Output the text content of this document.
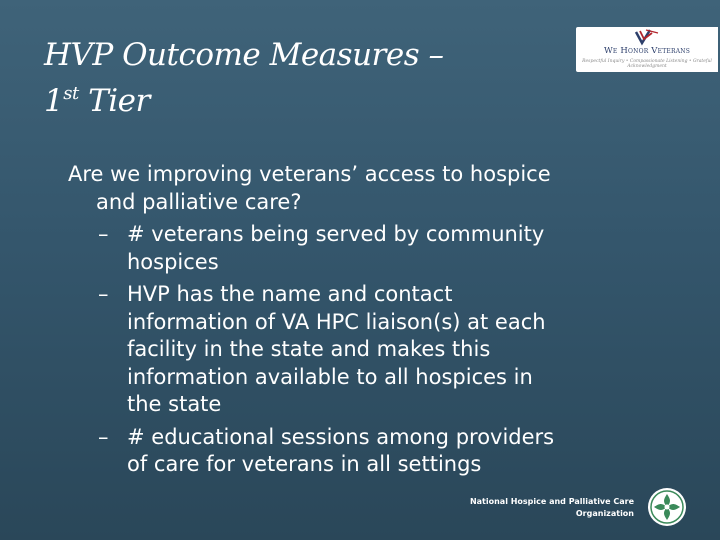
HVP Outcome Measures –
1st Tier
We Honor Veterans
Respectful Inquiry • Compassionate Listening • Grateful Acknowledgment
Are we improving veterans’ access to hospice
and palliative care?
– # veterans being served by community
hospices
– HVP has the name and contact
information of VA HPC liaison(s) at each
facility in the state and makes this
information available to all hospices in
the state
– # educational sessions among providers
of care for veterans in all settings
National Hospice and Palliative Care
Organization
